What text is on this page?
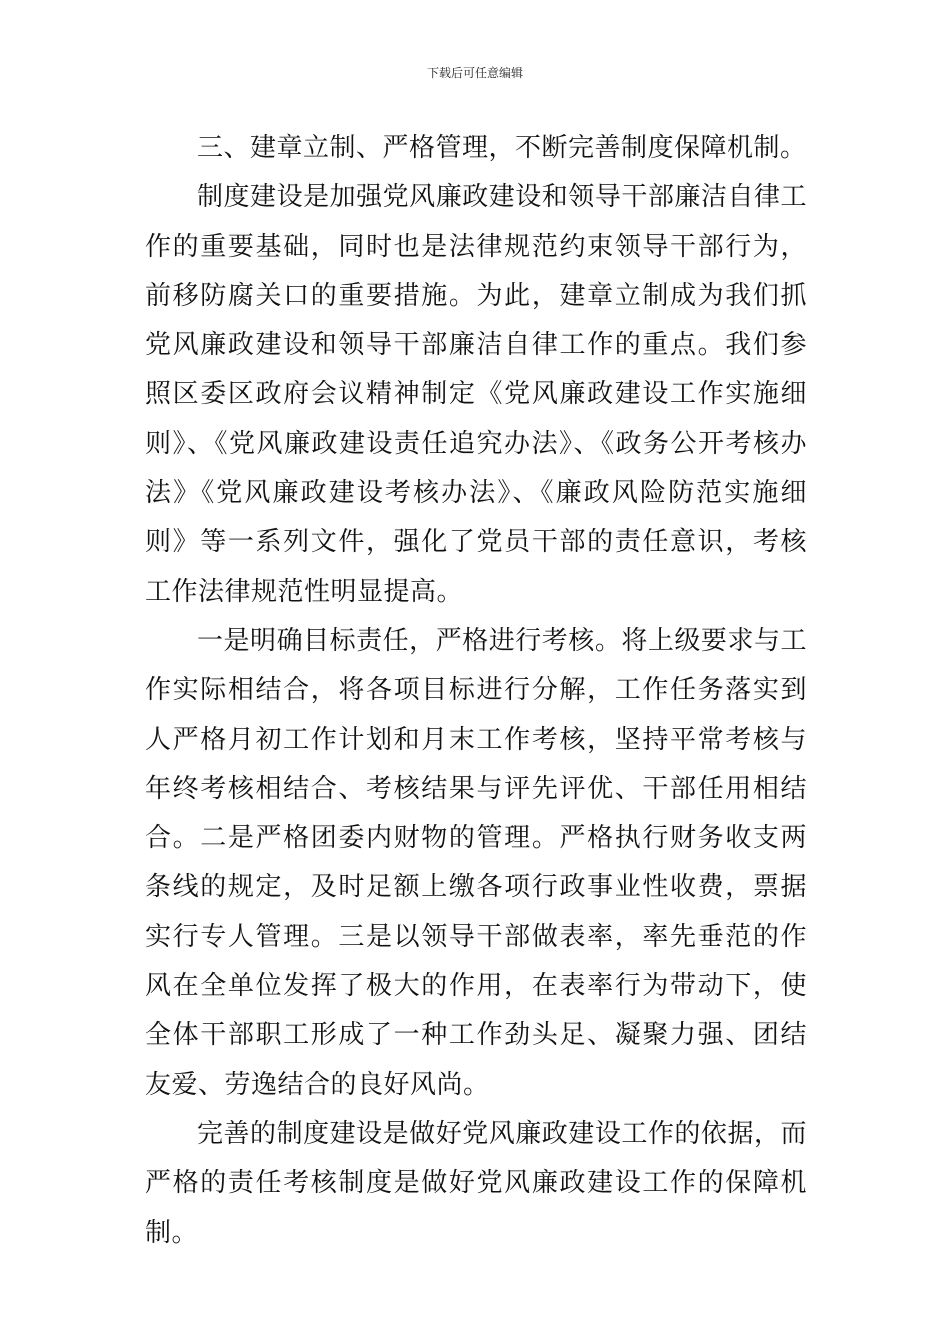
下载后可任意编辑

三、建章立制、严格管理，不断完善制度保障机制。

制度建设是加强党风廉政建设和领导干部廉洁自律工作的重要基础，同时也是法律规范约束领导干部行为，前移防腐关口的重要措施。为此，建章立制成为我们抓党风廉政建设和领导干部廉洁自律工作的重点。我们参照区委区政府会议精神制定《党风廉政建设工作实施细则》、《党风廉政建设责任追究办法》、《政务公开考核办法》《党风廉政建设考核办法》、《廉政风险防范实施细则》等一系列文件，强化了党员干部的责任意识，考核工作法律规范性明显提高。

一是明确目标责任，严格进行考核。将上级要求与工作实际相结合，将各项目标进行分解，工作任务落实到人严格月初工作计划和月末工作考核，坚持平常考核与年终考核相结合、考核结果与评先评优、干部任用相结合。二是严格团委内财物的管理。严格执行财务收支两条线的规定，及时足额上缴各项行政事业性收费，票据实行专人管理。三是以领导干部做表率，率先垂范的作风在全单位发挥了极大的作用，在表率行为带动下，使全体干部职工形成了一种工作劲头足、凝聚力强、团结友爱、劳逸结合的良好风尚。

完善的制度建设是做好党风廉政建设工作的依据，而严格的责任考核制度是做好党风廉政建设工作的保障机制。
